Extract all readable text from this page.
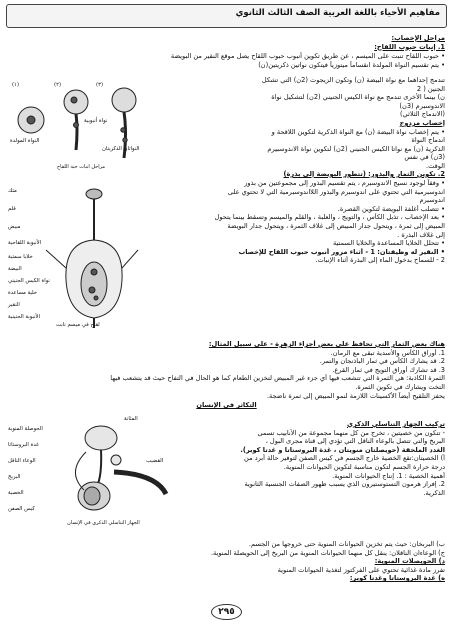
مفاهيم الأحياء باللغة العربية الصف الثالث الثانوي
مراحل الإخصاب:
1. إنبات حبوب اللقاح:
• حبوب اللقاح تنبت على الميسم ، عن طريق تكوين أنبوب حبوب اللقاح يصل موقع النقير من البويضة
• يتم تقسيم النواة المولدة انقساماً ميتوزياً فيتكون نواتين ذكريتين(ن)
تندمج إحداهما مع نواة البيضة (ن) وتكون الزيجوت (2ن) التي تشكل الجنين ( 2
ن) بينما الأخرى تندمج مع نواة الكيس الجنيني (2ن) لتشكيل نواة الاندوسبرم (3ن)
(الاندماج الثلاثي)
إخصاب مزدوج
• يتم إخصاب نواة البيضة (ن) مع النواة الذكرية لتكوين اللاقحة و اندماج النواة
الذكرية (ن) مع نواتا الكيس الجنيني (2ن) لتكوين نواة الاندوسبيرم (3ن) في نفس
الوقت.
(٣)
(٢)
(١)
نواة أنبوبية
النواة المولدة
النواتان الذكريتان
مراحل انبات حبة اللقاح
2. تكوين الثمار والبذور: (تتطور البويضة إلى بذرة)
• وفقاً لوجود نسيج الاندوسبرم ، يتم تقسيم البذور إلى مجموعتين من بذور
اندوسبرمية التي تحتوي على اندوسبرم والبذور اللااندوسبرمية التي لا تحتوي على
اندوسبرم
• تتصلب أغلفة البويضة لتكوين القصرة.
• بعد الإخصاب ، تذبل الكأس ، والتويج ، والعلبة ، والقلم والميسم وتسقط بينما يتحول
المبيض إلى ثمرة ، ويتحول جدار المبيض إلى غلاف الثمرة ، ويتحول جدار البويضة
إلى غلاف البذرة .
• تتحلل الخلايا المساعدة والخلايا السمتية
• النقير له وظيفتان: 1 - أثناء مرور أنبوب حبوب اللقاح للإخصاب
2 - للسماح بدخول الماء إلى البذرة أثناء الإنبات.
متك
قلم
مبيض
الأنبوبة اللقاحية
خلايا سمتية
البيضة
نواة الكيس الجنيني
خلية مساعدة
النقير
الأنبوبة الجنينية
لقاح في ميسم نابت
هناك بعض الثمار التي تحافظ على بعض أجزاء الزهرة - على سبيل المثال:
1. أوراق الكأس والأسدية تبقى مع الرمان.
2. قد يشارك الكأس في ثمار الباذنجان والتمر.
3. قد تشارك أوراق التويج في ثمار القرع.
الثمرة الكاذبة: هي الثمرة التي تتشعب فيها أي جزء غير المبيض لتخزين الطعام كما هو الحال في التفاح حيث قد يتشعب فيها
التخت ويشارك في تكوين الثمرة.
يحفز التلقيح أيضاً الأكسينات اللازمة لنمو المبيض إلى ثمرة ناضجة.
التكاثر في الإنسان
المثانة
الحوصلة المنوية
غدة البروستاتا
الوعاء الناقل	القضيب
البربخ
الخصية
كيس الصفن
الجهاز التناسلي الذكري في الإنسان
تركيب الجهاز التناسلي الذكري
- تتكون من خصيتين ، تخرج من كل منهما مجموعة من الأنابيب تسمى
البربخ والتي تتصل بالوعاء الناقل التي تؤدي إلى قناة مجرى البول ،
الغدد الملحقة (حويصلتان منويتان ، غدة البروستاتا و غدتا كوبر).
أ) الخصيتان:تقع الخصية خارج الجسم في كيس الصفن لتوفير حالة أبرد من
درجة حرارة الجسم لتكون مناسبة لتكوين الحيوانات المنوية.
أهمية الخصية : 1. إنتاج الحيوانات المنوية.
2. إفراز هرمون التستوستيرون الذي يسبب ظهور الصفات الجنسية الثانوية
الذكرية.
ب) البربخان: حيث يتم تخزين الحيوانات المنوية حتى خروجها من الجسم.
ج) الوعاءان الناقلان: ينقل كل منهما الحيوانات المنوية من البربخ إلى الحويصلة المنوية.
د) الحويصلات المنوية:
تفرز مادة غذائية تحتوي على الفركتوز لتغذية الحيوانات المنوية
ه) غدة البروستاتا وغدتا كوبر:
٢٩٥
